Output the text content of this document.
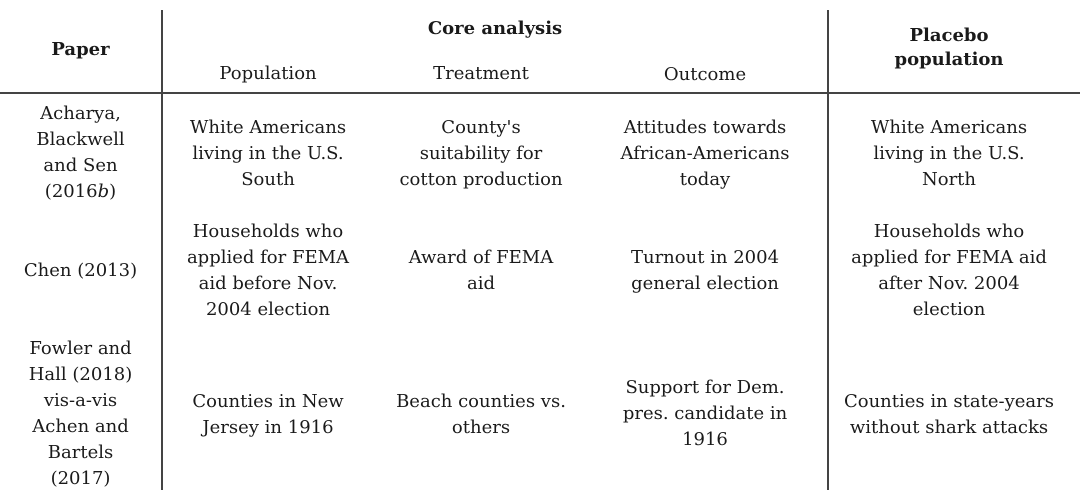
Paper
Core analysis
Population	Treatment	Outcome
Placebo
population
Acharya,
Blackwell
and Sen
(2016b)
White Americans
living in the U.S.
South
County's
suitability for
cotton production
Attitudes towards
African-Americans
today
White Americans
living in the U.S.
North
Chen (2013)
Households who
applied for FEMA
aid before Nov.
2004 election
Award of FEMA
aid
Turnout in 2004
general election
Households who
applied for FEMA aid
after Nov. 2004
election
Fowler and
Hall (2018)
vis-a-vis
Achen and
Bartels
(2017)
Counties in New
Jersey in 1916
Beach counties vs.
others
Support for Dem.
pres. candidate in
1916
Counties in state-years
without shark attacks
